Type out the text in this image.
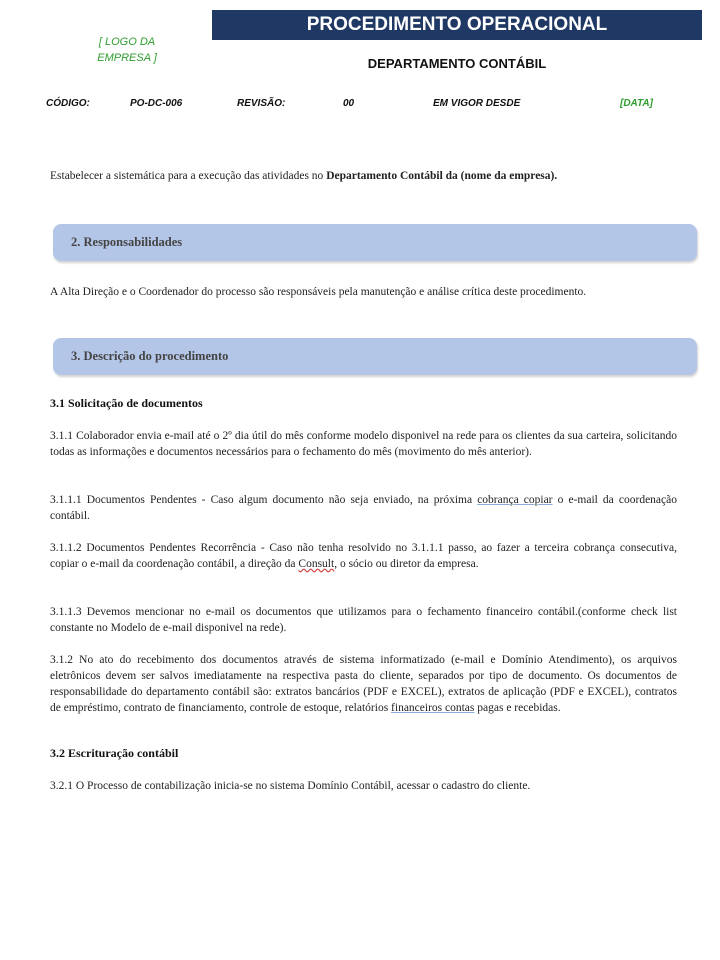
PROCEDIMENTO OPERACIONAL
[ LOGO DA
EMPRESA ]	DEPARTAMENTO CONTÁBIL
CÓDIGO:	PO-DC-006	REVISÃO:	00	EM VIGOR DESDE	[DATA]

Estabelecer a sistemática para a execução das atividades no Departamento Contábil da (nome da empresa).

2. Responsabilidades

A Alta Direção e o Coordenador do processo são responsáveis pela manutenção e análise crítica deste procedimento.

3. Descrição do procedimento
3.1 Solicitação de documentos

3.1.1 Colaborador envia e-mail até o 2º dia útil do mês conforme modelo disponivel na rede para os clientes da sua carteira, solicitando todas as informações e documentos necessários para o fechamento do mês (movimento do mês anterior).

3.1.1.1 Documentos Pendentes - Caso algum documento não seja enviado, na próxima cobrança copiar o e-mail da coordenação contábil.

3.1.1.2 Documentos Pendentes Recorrência - Caso não tenha resolvido no 3.1.1.1 passo, ao fazer a terceira cobrança consecutiva, copiar o e-mail da coordenação contábil, a direção da Consult, o sócio ou diretor da empresa.

3.1.1.3 Devemos mencionar no e-mail os documentos que utilizamos para o fechamento financeiro contábil.(conforme check list constante no Modelo de e-mail disponivel na rede).

3.1.2 No ato do recebimento dos documentos através de sistema informatizado (e-mail e Domínio Atendimento), os arquivos eletrônicos devem ser salvos imediatamente na respectiva pasta do cliente, separados por tipo de documento. Os documentos de responsabilidade do departamento contábil são: extratos bancários (PDF e EXCEL), extratos de aplicação (PDF e EXCEL), contratos de empréstimo, contrato de financiamento, controle de estoque, relatórios financeiros contas pagas e recebidas.

3.2 Escrituração contábil

3.2.1 O Processo de contabilização inicia-se no sistema Domínio Contábil, acessar o cadastro do cliente.
